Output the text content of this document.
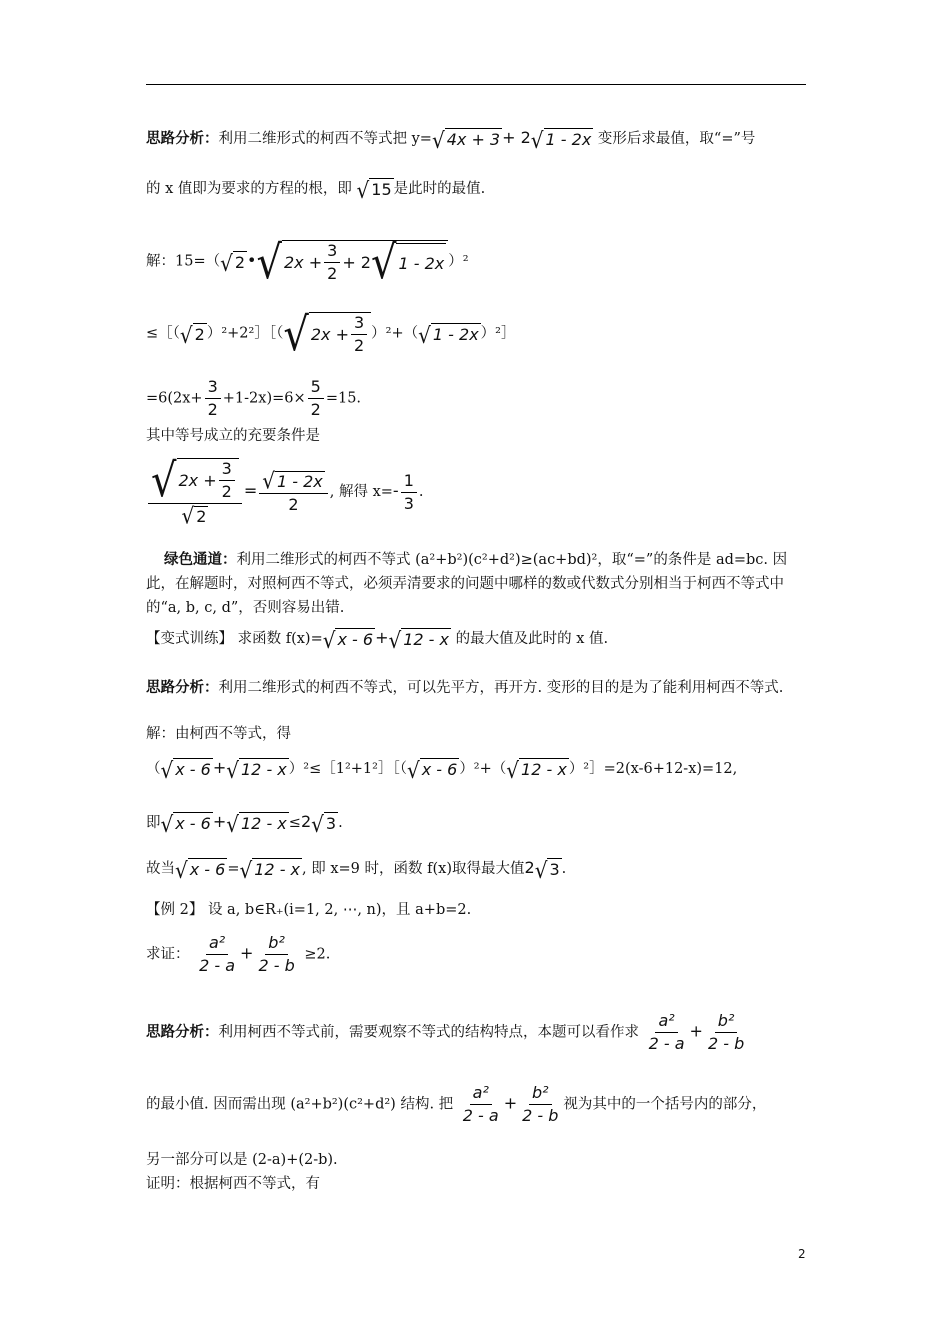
思路分析：利用二维形式的柯西不等式把 y= √ 4x + 3 + 2 √ 1 - 2x 变形后求最值，取“=”号
的 x 值即为要求的方程的根，即 √ 15 是此时的最值.
解：15=（ √ 2 • √ $2x + \frac{3}{2} + 2$ √ 1 - 2x ）²
≤［（ √ 2 ）²+2²］［（ √ $2x + \frac{3}{2} )^2+$（ √ 1 - 2x ）²］
$=6(2x+ \frac{3}{2} +1-2x)=6\times \frac{5}{2} =15$.
其中等号成立的充要条件是
$\frac{√ 2x + \frac{3}{2}}{√ 2} = \frac{√ 1 - 2x}{2}$ , 解得 $x=- \frac{1}{3}$ .
绿色通道：利用二维形式的柯西不等式 (a²+b²)(c²+d²)≥(ac+bd)²，取“=”的条件是 ad=bc. 因此，在解题时，对照柯西不等式，必须弄清要求的问题中哪样的数或代数式分别相当于柯西不等式中的“a, b, c, d”，否则容易出错.
【变式训练】 求函数 f(x)= √ x - 6 + √ 12 - x 的最大值及此时的 x 值.
思路分析：利用二维形式的柯西不等式，可以先平方，再开方. 变形的目的是为了能利用柯西不等式.
解：由柯西不等式，得
（ √ x - 6 + √ 12 - x ）²≤［1²+1²］［（ √ x - 6 ）²+（ √ 12 - x ）²］=2(x-6+12-x)=12,
即 √ x - 6 + √ 12 - x ≤2 √ 3 .
故当 √ x - 6 = √ 12 - x , 即 x=9 时，函数 f(x)取得最大值2 √ 3 .
【例 2】 设 a, b∈R₊(i=1, 2, ⋯, n)，且 a+b=2.
求证： $\frac{\text{a²}}{2 - a} + \frac{\text{b²}}{2 - b} \ge 2$.
思路分析：利用柯西不等式前，需要观察不等式的结构特点，本题可以看作求 $\frac{\text{a²}}{2 - a} + \frac{\text{b²}}{2 - b}$
的最小值. 因而需出现 (a²+b²)(c²+d²) 结构. 把 $\frac{\text{a²}}{2 - a} + \frac{\text{b²}}{2 - b}$ 视为其中的一个括号内的部分，
另一部分可以是 (2-a)+(2-b).
证明：根据柯西不等式，有
2
